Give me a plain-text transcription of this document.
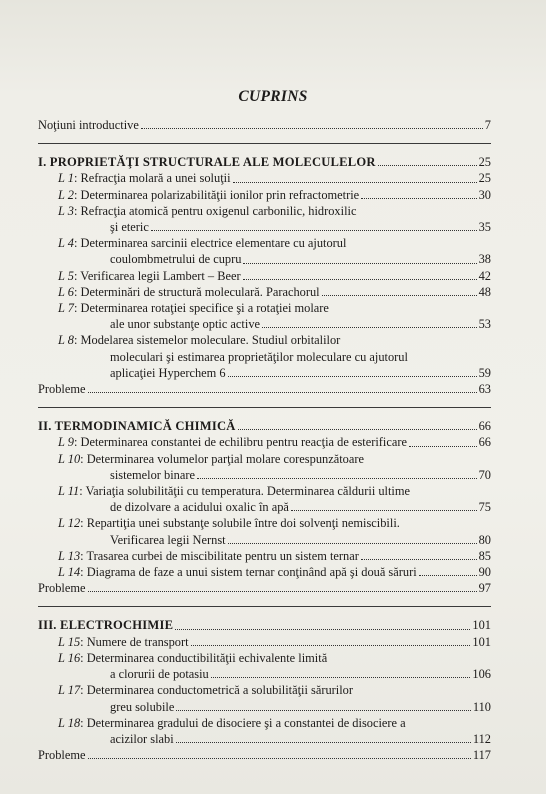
CUPRINS
Noţiuni introductive	7
I. PROPRIETĂŢI STRUCTURALE ALE MOLECULELOR	25
L 1: Refracţia molară a unei soluţii	25
L 2: Determinarea polarizabilităţii ionilor prin refractometrie	30
L 3: Refracţia atomică pentru oxigenul carbonilic, hidroxilic
şi eteric	35
L 4: Determinarea sarcinii electrice elementare cu ajutorul
coulombmetrului de cupru	38
L 5: Verificarea legii Lambert – Beer	42
L 6: Determinări de structură moleculară. Parachorul	48
L 7: Determinarea rotaţiei specifice şi a rotaţiei molare
ale unor substanţe optic active	53
L 8: Modelarea sistemelor moleculare. Studiul orbitalilor
moleculari şi estimarea proprietăţilor moleculare cu ajutorul
aplicaţiei Hyperchem 6	59
Probleme	63
II. TERMODINAMICĂ CHIMICĂ	66
L 9: Determinarea constantei de echilibru pentru reacţia de esterificare	66
L 10: Determinarea volumelor parţial molare corespunzătoare
sistemelor binare	70
L 11: Variaţia solubilităţii cu temperatura. Determinarea căldurii ultime
de dizolvare a acidului oxalic în apă	75
L 12: Repartiţia unei substanţe solubile între doi solvenţi nemiscibili.
Verificarea legii Nernst	80
L 13: Trasarea curbei de miscibilitate pentru un sistem ternar	85
L 14: Diagrama de faze a unui sistem ternar conţinând apă şi două săruri	90
Probleme	97
III. ELECTROCHIMIE	101
L 15: Numere de transport	101
L 16: Determinarea conductibilităţii echivalente limită
a clorurii de potasiu	106
L 17: Determinarea conductometrică a solubilităţii sărurilor
greu solubile	110
L 18: Determinarea gradului de disociere şi a constantei de disociere a
acizilor slabi	112
Probleme	117
